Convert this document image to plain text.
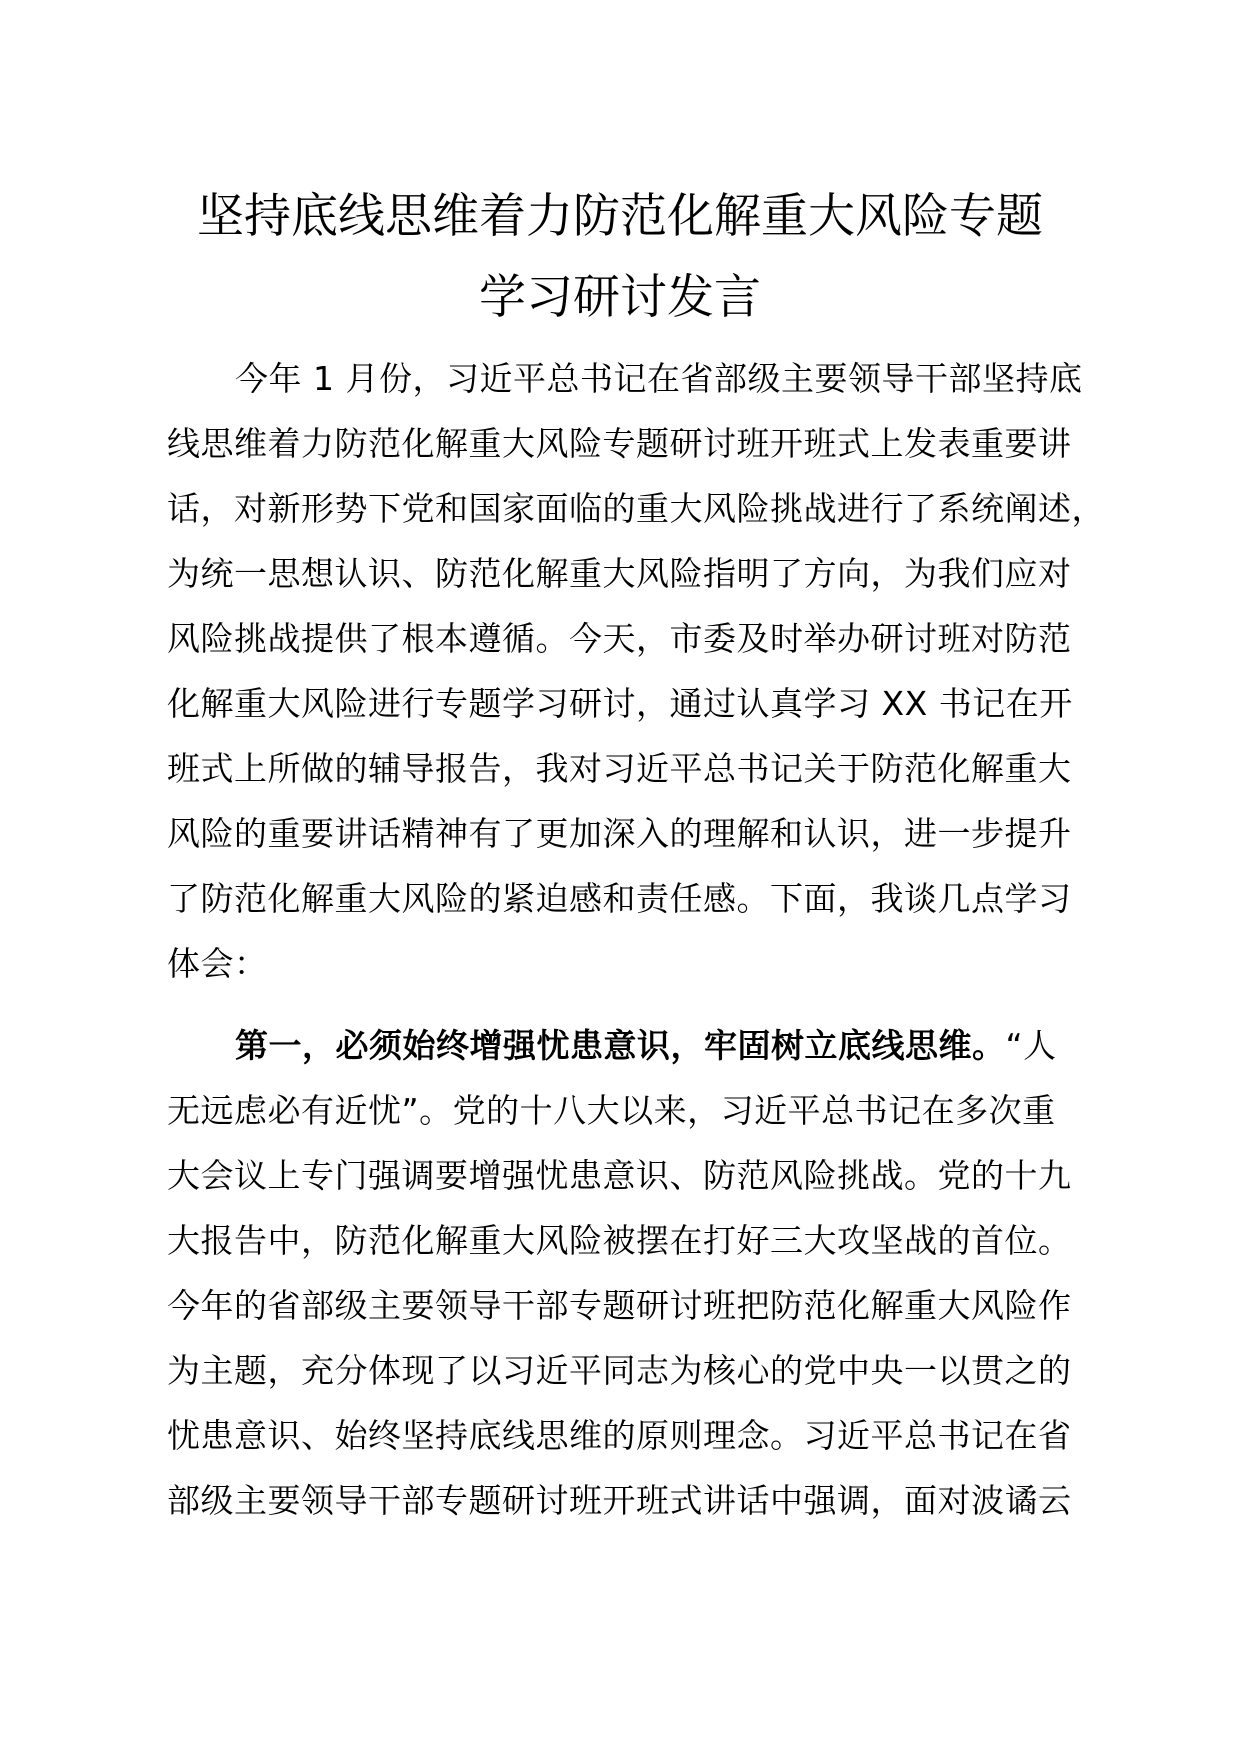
坚持底线思维着力防范化解重大风险专题
学习研讨发言
今年 1 月份，习近平总书记在省部级主要领导干部坚持底
线思维着力防范化解重大风险专题研讨班开班式上发表重要讲
话，对新形势下党和国家面临的重大风险挑战进行了系统阐述，
为统一思想认识、防范化解重大风险指明了方向，为我们应对
风险挑战提供了根本遵循。今天，市委及时举办研讨班对防范
化解重大风险进行专题学习研讨，通过认真学习 XX 书记在开
班式上所做的辅导报告，我对习近平总书记关于防范化解重大
风险的重要讲话精神有了更加深入的理解和认识，进一步提升
了防范化解重大风险的紧迫感和责任感。下面，我谈几点学习
体会：
第一，必须始终增强忧患意识，牢固树立底线思维。“人
无远虑必有近忧”。党的十八大以来，习近平总书记在多次重
大会议上专门强调要增强忧患意识、防范风险挑战。党的十九
大报告中，防范化解重大风险被摆在打好三大攻坚战的首位。
今年的省部级主要领导干部专题研讨班把防范化解重大风险作
为主题，充分体现了以习近平同志为核心的党中央一以贯之的
忧患意识、始终坚持底线思维的原则理念。习近平总书记在省
部级主要领导干部专题研讨班开班式讲话中强调，面对波谲云
